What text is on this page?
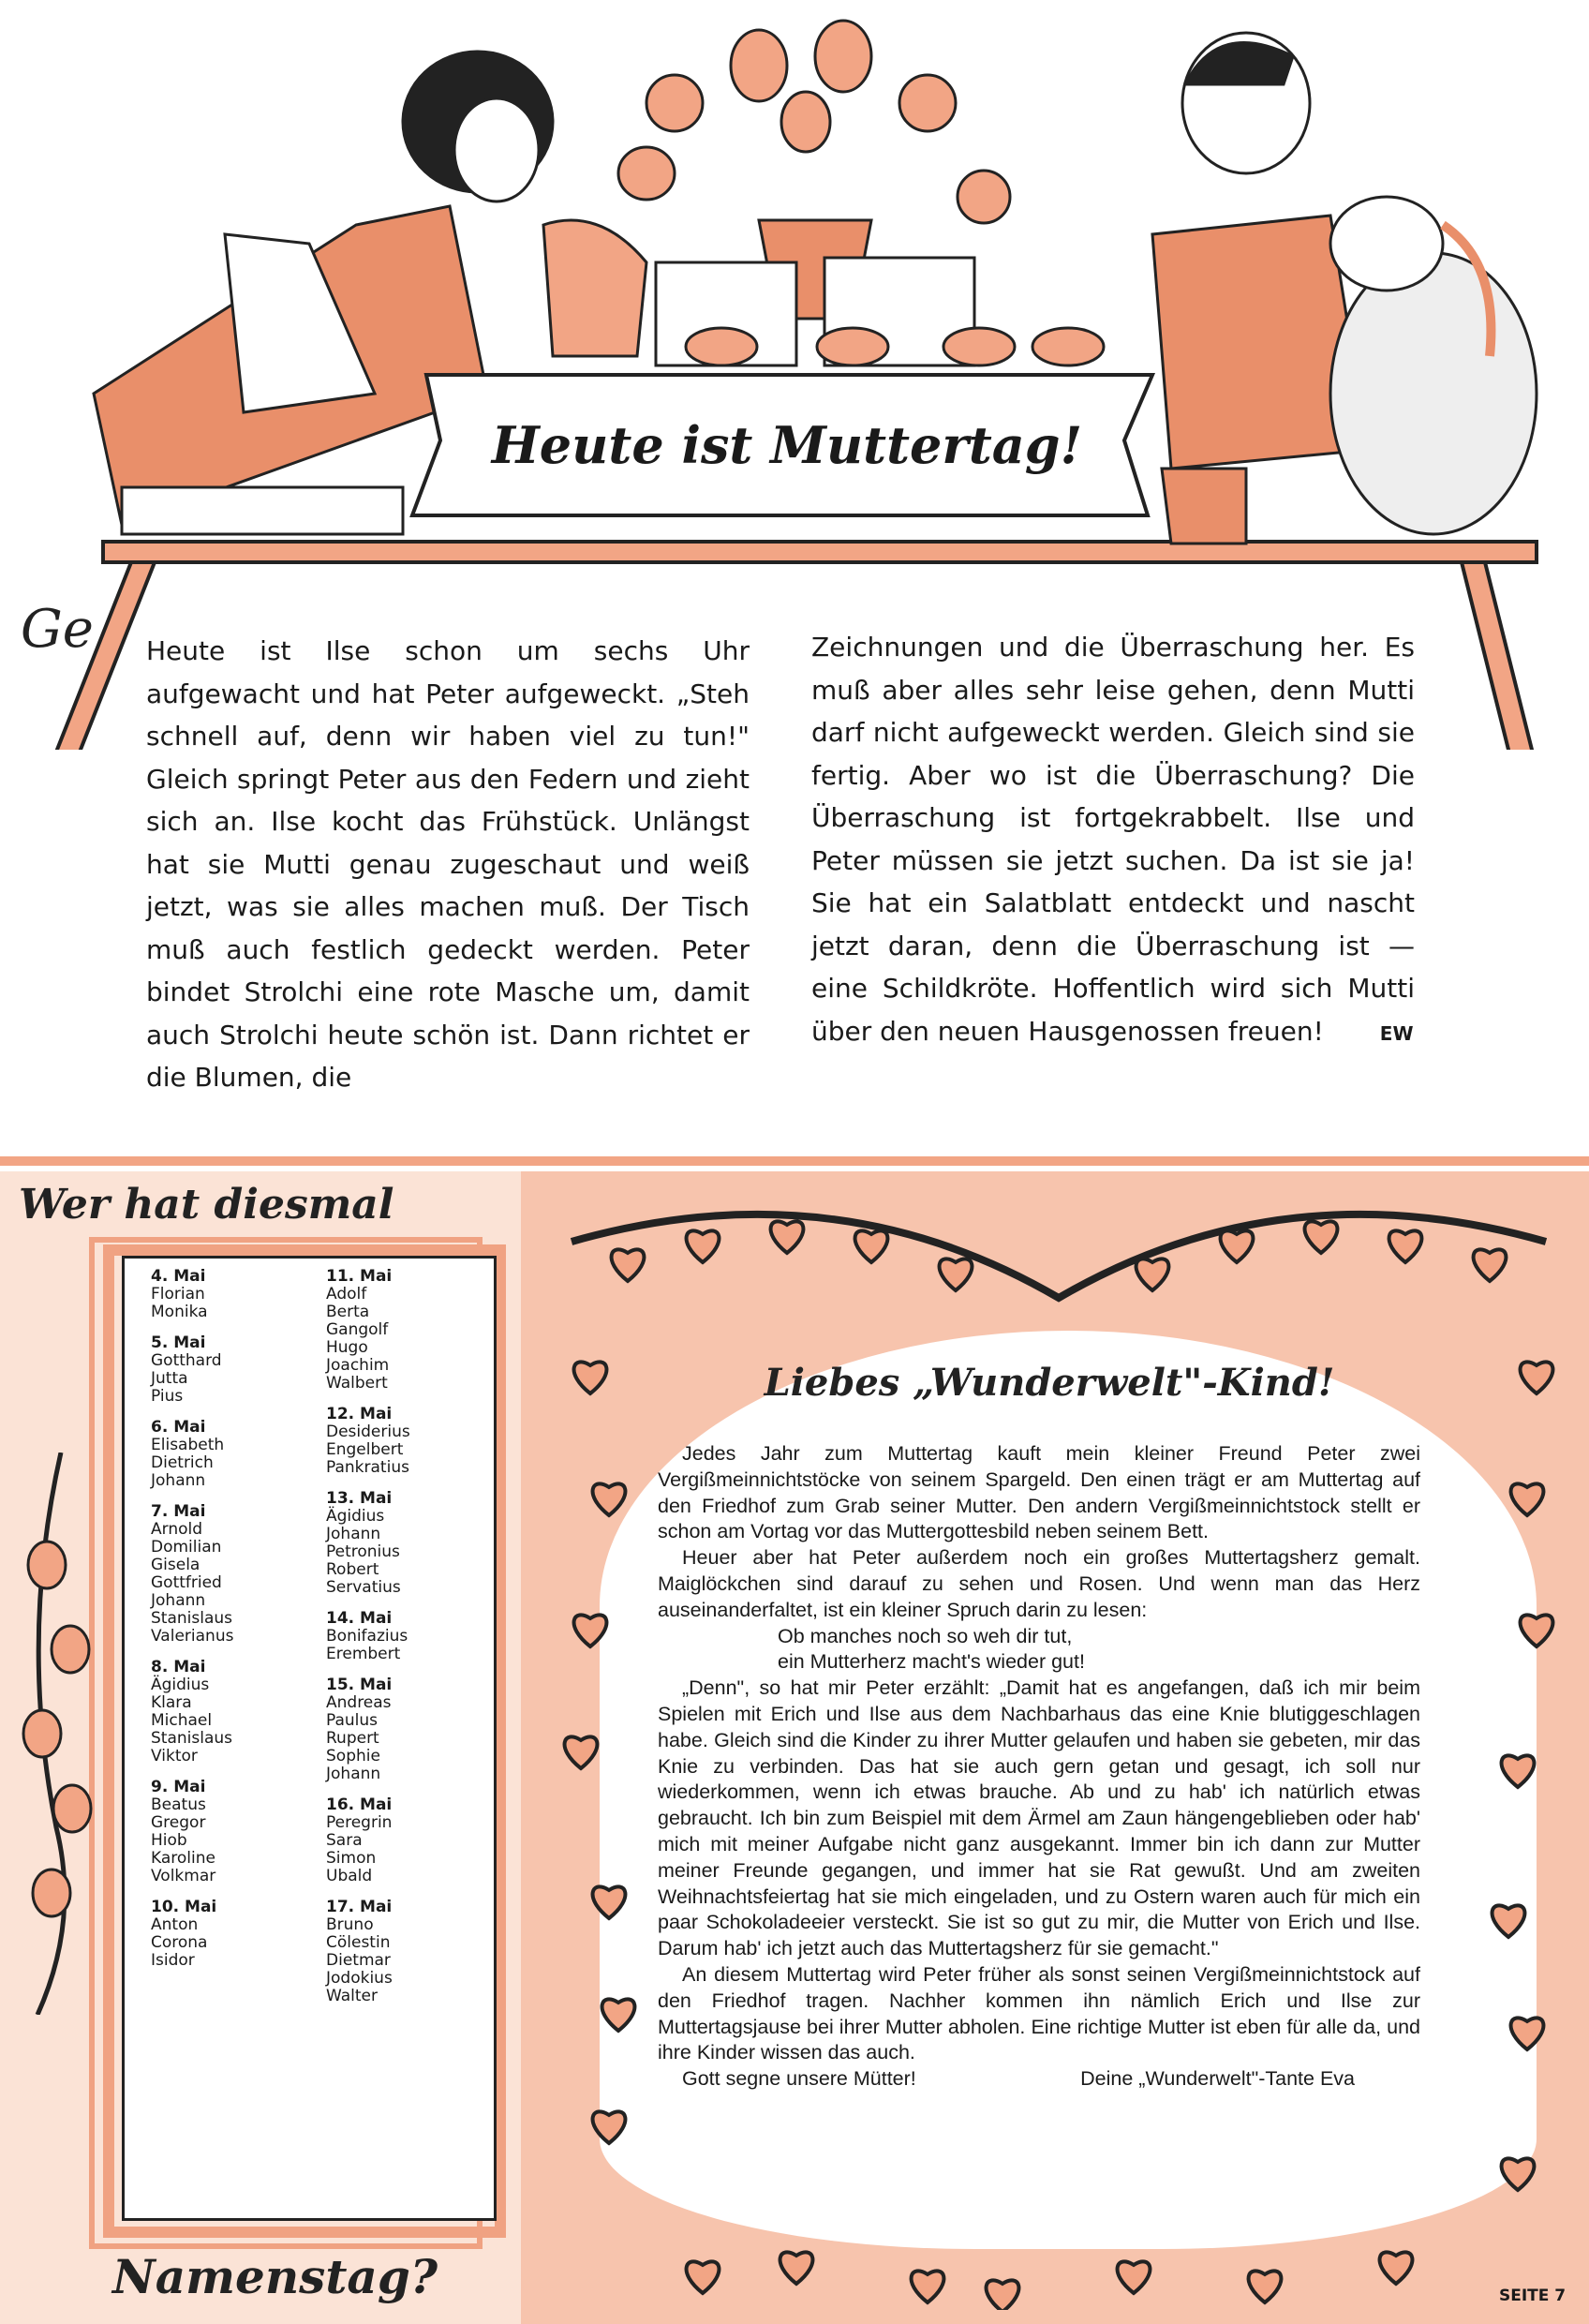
Ge
Heute ist Muttertag!
Heute ist Ilse schon um sechs Uhr aufgewacht und hat Peter aufgeweckt. „Steh schnell auf, denn wir haben viel zu tun!" Gleich springt Peter aus den Federn und zieht sich an. Ilse kocht das Frühstück. Unlängst hat sie Mutti genau zugeschaut und weiß jetzt, was sie alles machen muß. Der Tisch muß auch festlich gedeckt werden. Peter bindet Strolchi eine rote Masche um, damit auch Strolchi heute schön ist. Dann richtet er die Blumen, die
Zeichnungen und die Überraschung her. Es muß aber alles sehr leise gehen, denn Mutti darf nicht aufgeweckt werden. Gleich sind sie fertig. Aber wo ist die Überraschung? Die Überraschung ist fortgekrabbelt. Ilse und Peter müssen sie jetzt suchen. Da ist sie ja! Sie hat ein Salatblatt entdeckt und nascht jetzt daran, denn die Überraschung ist — eine Schildkröte. Hoffentlich wird sich Mutti über den neuen Hausgenossen freuen!	EW
Wer hat diesmal
Namenstag?
4. Mai
Florian
Monika
5. Mai
Gotthard
Jutta
Pius
6. Mai
Elisabeth
Dietrich
Johann
7. Mai
Arnold
Domilian
Gisela
Gottfried
Johann
Stanislaus
Valerianus
8. Mai
Ägidius
Klara
Michael
Stanislaus
Viktor
9. Mai
Beatus
Gregor
Hiob
Karoline
Volkmar
10. Mai
Anton
Corona
Isidor
11. Mai
Adolf
Berta
Gangolf
Hugo
Joachim
Walbert
12. Mai
Desiderius
Engelbert
Pankratius
13. Mai
Ägidius
Johann
Petronius
Robert
Servatius
14. Mai
Bonifazius
Erembert
15. Mai
Andreas
Paulus
Rupert
Sophie
Johann
16. Mai
Peregrin
Sara
Simon
Ubald
17. Mai
Bruno
Cölestin
Dietmar
Jodokius
Walter
Liebes „Wunderwelt"-Kind!

Jedes Jahr zum Muttertag kauft mein kleiner Freund Peter zwei Vergißmeinnichtstöcke von seinem Spargeld. Den einen trägt er am Muttertag auf den Friedhof zum Grab seiner Mutter. Den andern Vergißmeinnichtstock stellt er schon am Vortag vor das Muttergottesbild neben seinem Bett.

Heuer aber hat Peter außerdem noch ein großes Muttertagsherz gemalt. Maiglöckchen sind darauf zu sehen und Rosen. Und wenn man das Herz auseinanderfaltet, ist ein kleiner Spruch darin zu lesen:

Ob manches noch so weh dir tut,

ein Mutterherz macht's wieder gut!

„Denn", so hat mir Peter erzählt: „Damit hat es angefangen, daß ich mir beim Spielen mit Erich und Ilse aus dem Nachbarhaus das eine Knie blutiggeschlagen habe. Gleich sind die Kinder zu ihrer Mutter gelaufen und haben sie gebeten, mir das Knie zu verbinden. Das hat sie auch gern getan und gesagt, ich soll nur wiederkommen, wenn ich etwas brauche. Ab und zu hab' ich natürlich etwas gebraucht. Ich bin zum Beispiel mit dem Ärmel am Zaun hängengeblieben oder hab' mich mit meiner Aufgabe nicht ganz ausgekannt. Immer bin ich dann zur Mutter meiner Freunde gegangen, und immer hat sie Rat gewußt. Und am zweiten Weihnachtsfeiertag hat sie mich eingeladen, und zu Ostern waren auch für mich ein paar Schokoladeeier versteckt. Sie ist so gut zu mir, die Mutter von Erich und Ilse. Darum hab' ich jetzt auch das Muttertagsherz für sie gemacht."

An diesem Muttertag wird Peter früher als sonst seinen Vergißmeinnichtstock auf den Friedhof tragen. Nachher kommen ihn nämlich Erich und Ilse zur Muttertagsjause bei ihrer Mutter abholen. Eine richtige Mutter ist eben für alle da, und ihre Kinder wissen das auch.

Gott segne unsere Mütter!	Deine „Wunderwelt"-Tante Eva

SEITE 7
